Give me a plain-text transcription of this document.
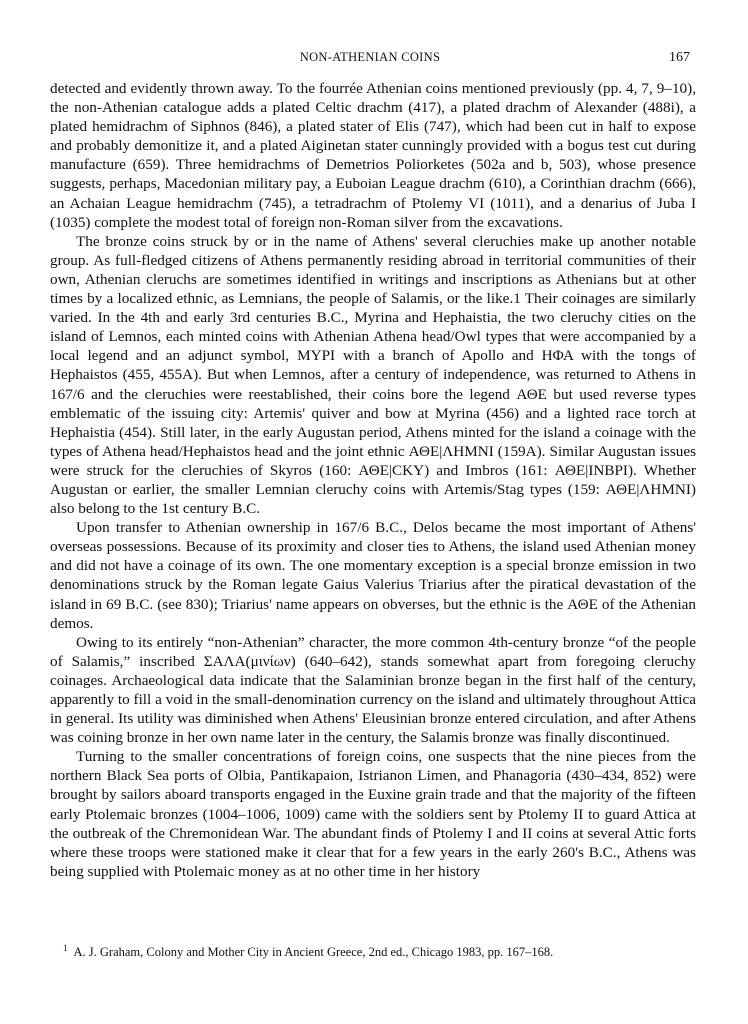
NON-ATHENIAN COINS	167

detected and evidently thrown away. To the fourrée Athenian coins mentioned previously (pp. 4, 7, 9–10), the non-Athenian catalogue adds a plated Celtic drachm (417), a plated drachm of Alexander (488i), a plated hemidrachm of Siphnos (846), a plated stater of Elis (747), which had been cut in half to expose and probably demonitize it, and a plated Aiginetan stater cunningly provided with a bogus test cut during manufacture (659). Three hemidrachms of Demetrios Poliorketes (502a and b, 503), whose presence suggests, perhaps, Macedonian military pay, a Euboian League drachm (610), a Corinthian drachm (666), an Achaian League hemidrachm (745), a tetradrachm of Ptolemy VI (1011), and a denarius of Juba I (1035) complete the modest total of foreign non-Roman silver from the excavations.

The bronze coins struck by or in the name of Athens' several cleruchies make up another notable group. As full-fledged citizens of Athens permanently residing abroad in territorial communities of their own, Athenian cleruchs are sometimes identified in writings and inscriptions as Athenians but at other times by a localized ethnic, as Lemnians, the people of Salamis, or the like.1 Their coinages are similarly varied. In the 4th and early 3rd centuries B.C., Myrina and Hephaistia, the two cleruchy cities on the island of Lemnos, each minted coins with Athenian Athena head/Owl types that were accompanied by a local legend and an adjunct symbol, ΜΥΡΙ with a branch of Apollo and ΗΦΑ with the tongs of Hephaistos (455, 455A). But when Lemnos, after a century of independence, was returned to Athens in 167/6 and the cleruchies were reestablished, their coins bore the legend ΑΘΕ but used reverse types emblematic of the issuing city: Artemis' quiver and bow at Myrina (456) and a lighted race torch at Hephaistia (454). Still later, in the early Augustan period, Athens minted for the island a coinage with the types of Athena head/Hephaistos head and the joint ethnic ΑΘΕ|ΛΗΜΝΙ (159A). Similar Augustan issues were struck for the cleruchies of Skyros (160: ΑΘΕ|CΚΥ) and Imbros (161: ΑΘΕ|ΙΝΒΡΙ). Whether Augustan or earlier, the smaller Lemnian cleruchy coins with Artemis/Stag types (159: ΑΘΕ|ΛΗΜΝΙ) also belong to the 1st century B.C.

Upon transfer to Athenian ownership in 167/6 B.C., Delos became the most important of Athens' overseas possessions. Because of its proximity and closer ties to Athens, the island used Athenian money and did not have a coinage of its own. The one momentary exception is a special bronze emission in two denominations struck by the Roman legate Gaius Valerius Triarius after the piratical devastation of the island in 69 B.C. (see 830); Triarius' name appears on obverses, but the ethnic is the ΑΘΕ of the Athenian demos.

Owing to its entirely “non-Athenian” character, the more common 4th-century bronze “of the people of Salamis,” inscribed ΣΑΛΑ(μινίων) (640–642), stands somewhat apart from foregoing cleruchy coinages. Archaeological data indicate that the Salaminian bronze began in the first half of the century, apparently to fill a void in the small-denomination currency on the island and ultimately throughout Attica in general. Its utility was diminished when Athens' Eleusinian bronze entered circulation, and after Athens was coining bronze in her own name later in the century, the Salamis bronze was finally discontinued.

Turning to the smaller concentrations of foreign coins, one suspects that the nine pieces from the northern Black Sea ports of Olbia, Pantikapaion, Istrianon Limen, and Phanagoria (430–434, 852) were brought by sailors aboard transports engaged in the Euxine grain trade and that the majority of the fifteen early Ptolemaic bronzes (1004–1006, 1009) came with the soldiers sent by Ptolemy II to guard Attica at the outbreak of the Chremonidean War. The abundant finds of Ptolemy I and II coins at several Attic forts where these troops were stationed make it clear that for a few years in the early 260's B.C., Athens was being supplied with Ptolemaic money as at no other time in her history

$^1$ A. J. Graham, Colony and Mother City in Ancient Greece, 2nd ed., Chicago 1983, pp. 167–168.
